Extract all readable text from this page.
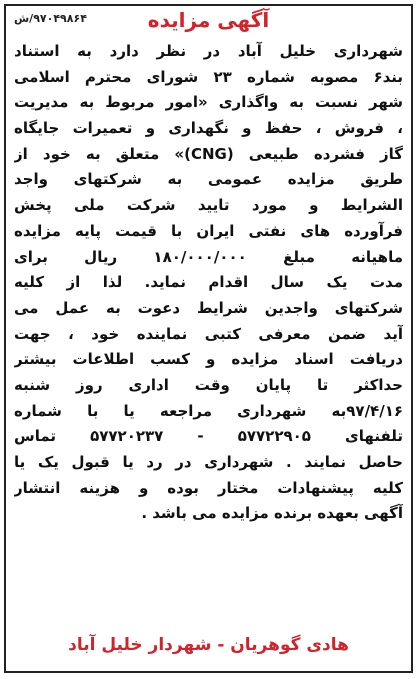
۹۷۰۴۹۸۶۴/ش	آگهی مزایده
شهرداری خلیل آباد در نظر دارد به استناد
بند۶ مصوبه شماره ۲۳ شورای محترم اسلامی
شهر نسبت به واگذاری «امور مربوط به مدیریت
، فروش ، حفظ و نگهداری و تعمیرات جایگاه
گاز فشرده طبیعی (CNG)» متعلق به خود از
طریق مزایده عمومی به شرکتهای واجد
الشرایط و مورد تایید شرکت ملی پخش
فرآورده های نفتی ایران با قیمت پایه مزایده
ماهیانه مبلغ ۱۸۰/۰۰۰/۰۰۰ ریال برای
مدت یک سال اقدام نماید. لذا از کلیه
شرکتهای واجدین شرایط دعوت به عمل می
آید ضمن معرفی کتبی نماینده خود ، جهت
دریافت اسناد مزایده و کسب اطلاعات بیشتر
حداکثر تا پایان وقت اداری روز شنبه
۹۷/۴/۱۶به شهرداری مراجعه یا با شماره
تلفنهای ۵۷۷۲۲۹۰۵ - ۵۷۷۲۰۲۳۷ تماس
حاصل نمایند . شهرداری در رد یا قبول یک یا
کلیه پیشنهادات مختار بوده و هزینه انتشار
آگهی بعهده برنده مزایده می باشد .
هادی گوهریان - شهردار خلیل آباد
